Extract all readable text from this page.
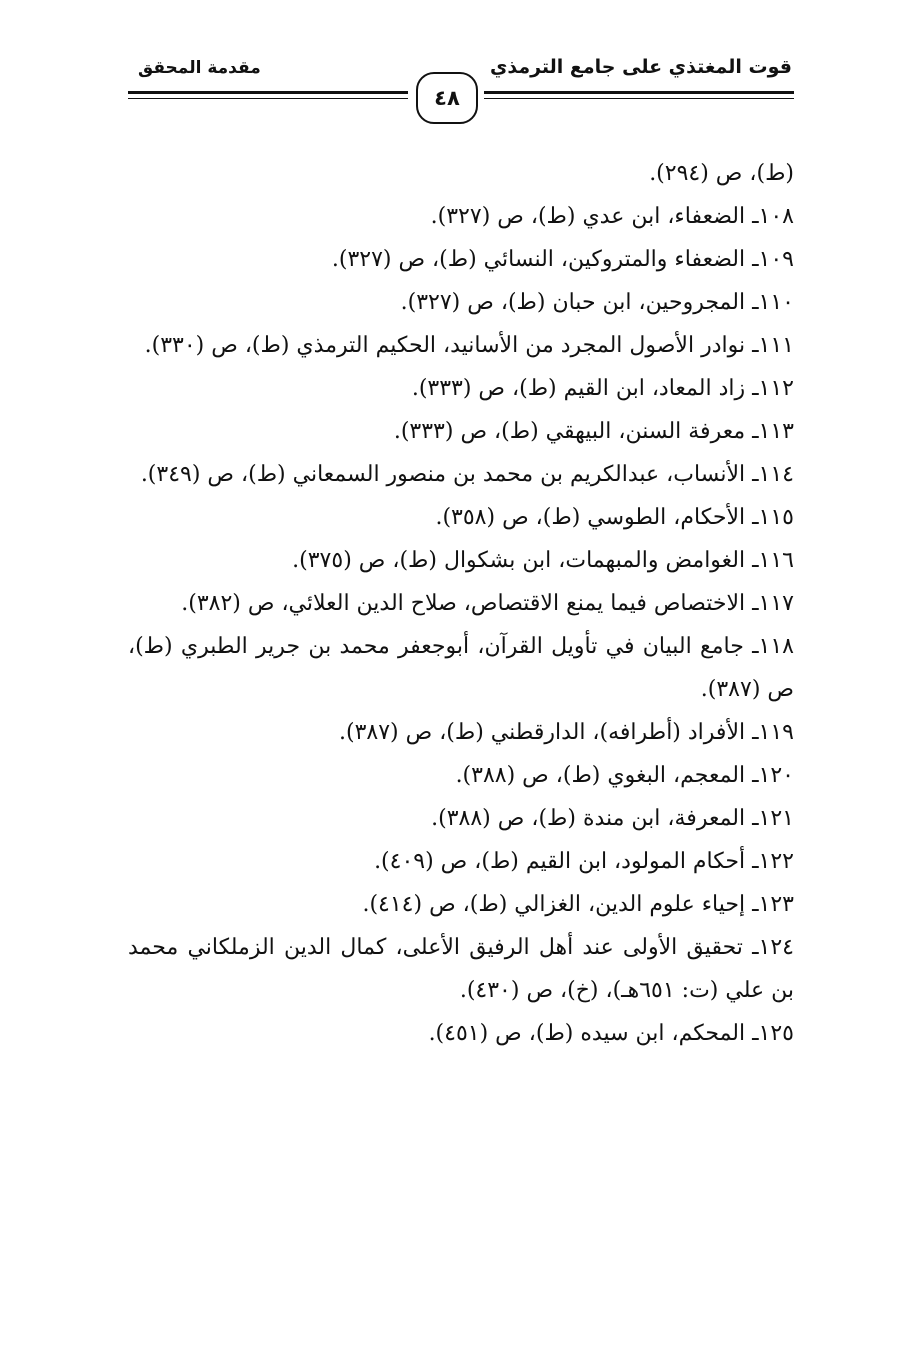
قوت المغتذي على جامع الترمذي
مقدمة المحقق
٤٨

(ط)، ص (٢٩٤).

١٠٨ـ الضعفاء، ابن عدي (ط)، ص (٣٢٧).

١٠٩ـ الضعفاء والمتروكين، النسائي (ط)، ص (٣٢٧).

١١٠ـ المجروحين، ابن حبان (ط)، ص (٣٢٧).

١١١ـ نوادر الأصول المجرد من الأسانيد، الحكيم الترمذي (ط)، ص (٣٣٠).

١١٢ـ زاد المعاد، ابن القيم (ط)، ص (٣٣٣).

١١٣ـ معرفة السنن، البيهقي (ط)، ص (٣٣٣).

١١٤ـ الأنساب، عبدالكريم بن محمد بن منصور السمعاني (ط)، ص (٣٤٩).

١١٥ـ الأحكام، الطوسي (ط)، ص (٣٥٨).

١١٦ـ الغوامض والمبهمات، ابن بشكوال (ط)، ص (٣٧٥).

١١٧ـ الاختصاص فيما يمنع الاقتصاص، صلاح الدين العلائي، ص (٣٨٢).

١١٨ـ جامع البيان في تأويل القرآن، أبوجعفر محمد بن جرير الطبري (ط)، ص (٣٨٧).

١١٩ـ الأفراد (أطرافه)، الدارقطني (ط)، ص (٣٨٧).

١٢٠ـ المعجم، البغوي (ط)، ص (٣٨٨).

١٢١ـ المعرفة، ابن مندة (ط)، ص (٣٨٨).

١٢٢ـ أحكام المولود، ابن القيم (ط)، ص (٤٠٩).

١٢٣ـ إحياء علوم الدين، الغزالي (ط)، ص (٤١٤).

١٢٤ـ تحقيق الأولى عند أهل الرفيق الأعلى، كمال الدين الزملكاني محمد بن علي (ت: ٦٥١هـ)، (خ)، ص (٤٣٠).

١٢٥ـ المحكم، ابن سيده (ط)، ص (٤٥١).
